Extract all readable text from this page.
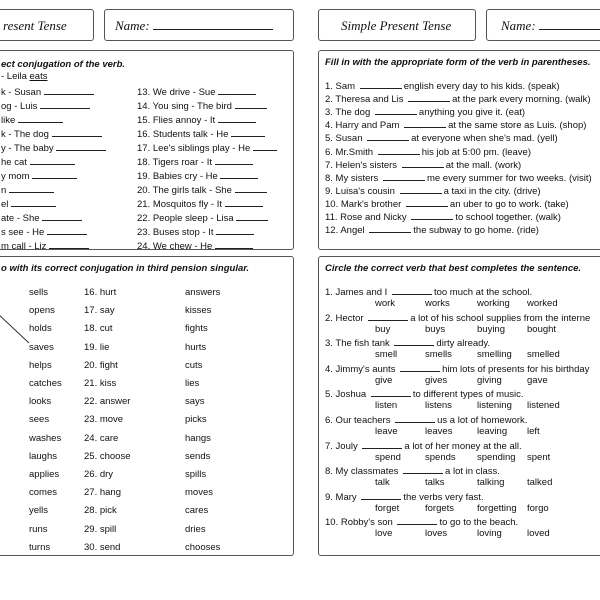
resent Tense	Name:	Simple Present Tense	Name:
ect conjugation of the verb.
- Leila eats
k - Susan
og - Luis
like
k - The dog
y - The baby
he cat
y mom
n
el
ate - She
s see - He
m call - Liz
13. We drive - Sue
14. You sing - The bird
15. Flies annoy - It
16. Students talk - He
17. Lee's siblings play - He
18. Tigers roar - It
19. Babies cry - He
20. The girls talk - She
21. Mosquitos fly - It
22. People sleep - Lisa
23. Buses stop - It
24. We chew - He
o with its correct conjugation in third pension singular.
sells
opens
holds
saves
helps
catches
looks
sees
washes
laughs
applies
comes
yells
runs
turns
16. hurt
17. say
18. cut
19. lie
20. fight
21. kiss
22. answer
23. move
24. care
25. choose
26. dry
27. hang
28. pick
29. spill
30. send
answers
kisses
fights
hurts
cuts
lies
says
picks
hangs
sends
spills
moves
cares
dries
chooses
Fill in with the appropriate form of the verb in parentheses.
1. Sam	english every day to his kids. (speak)
2. Theresa and Lis	at the park every morning. (walk)
3. The dog	anything you give it. (eat)
4. Harry and Pam	at the same store as Luis. (shop)
5. Susan	at everyone when she's mad. (yell)
6. Mr.Smith	his job at 5:00 pm. (leave)
7. Helen's sisters	at the mall. (work)
8. My sisters	me every summer for two weeks. (visit)
9. Luisa's cousin	a taxi in the city. (drive)
10. Mark's brother	an uber to go to work. (take)
11. Rose and Nicky	to school together. (walk)
12. Angel	the subway to go home. (ride)
Circle the correct verb that best completes the sentence.
1. James and I	too much at the school.
work	works	working worked
2. Hector	a lot of his school supplies from the interne
buy	buys	buying bought
3. The fish tank	dirty already.
smell	smells	smelling smelled
4. Jimmy's aunts	him lots of presents for his birthday
give	gives	giving	gave
5. Joshua	to different types of music.
listen	listens	listening listened
6. Our teachers	us a lot of homework.
leave	leaves	leaving left
7. Jouly	a lot of her money at the all.
spend	spends spending spent
8. My classmates	a lot in class.
talk	talks	talking talked
9. Mary	the verbs very fast.
forget	forgets forgetting forgo
10. Robby's son	to go to the beach.
love	loves	loving	loved
